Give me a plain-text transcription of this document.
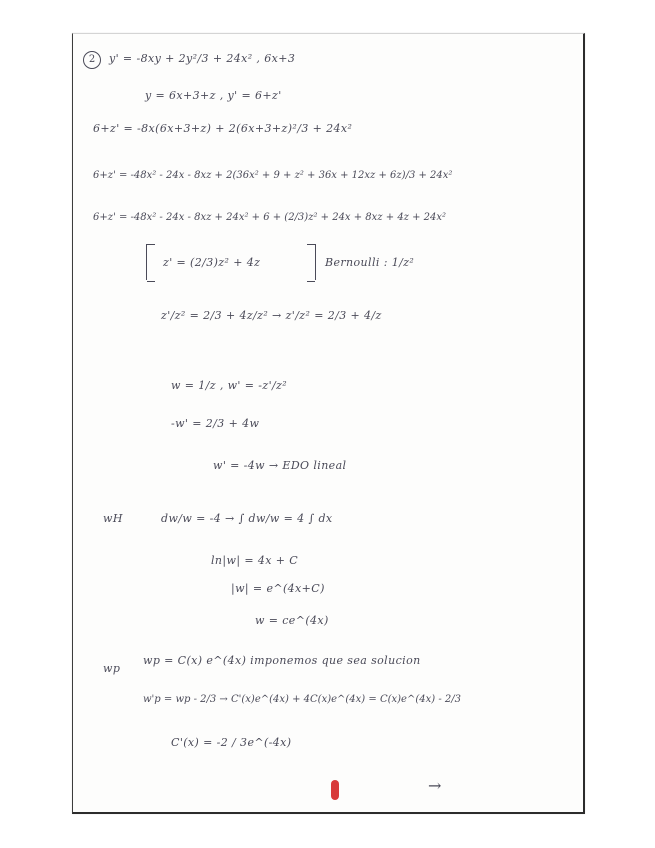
2	y' = -8xy + 2y²/3 + 24x² , 6x+3
y = 6x+3+z , y' = 6+z'
6+z' = -8x(6x+3+z) + 2(6x+3+z)²/3 + 24x²
6+z' = -48x² - 24x - 8xz + 2(36x² + 9 + z² + 36x + 12xz + 6z)/3 + 24x²
6+z' = -48x² - 24x - 8xz + 24x² + 6 + (2/3)z² + 24x + 8xz + 4z + 24x²
z' = (2/3)z² + 4z	Bernoulli : 1/z²
z'/z² = 2/3 + 4z/z² → z'/z² = 2/3 + 4/z
w = 1/z , w' = -z'/z²
-w' = 2/3 + 4w
w' = -4w → EDO lineal
wH	dw/w = -4 → ∫ dw/w = 4 ∫ dx
ln|w| = 4x + C
|w| = e^(4x+C)
w = ce^(4x)
wp
wp = C(x) e^(4x) imponemos que sea solucion
w'p = wp - 2/3 → C'(x)e^(4x) + 4C(x)e^(4x) = C(x)e^(4x) - 2/3
C'(x) = -2 / 3e^(-4x)
→
